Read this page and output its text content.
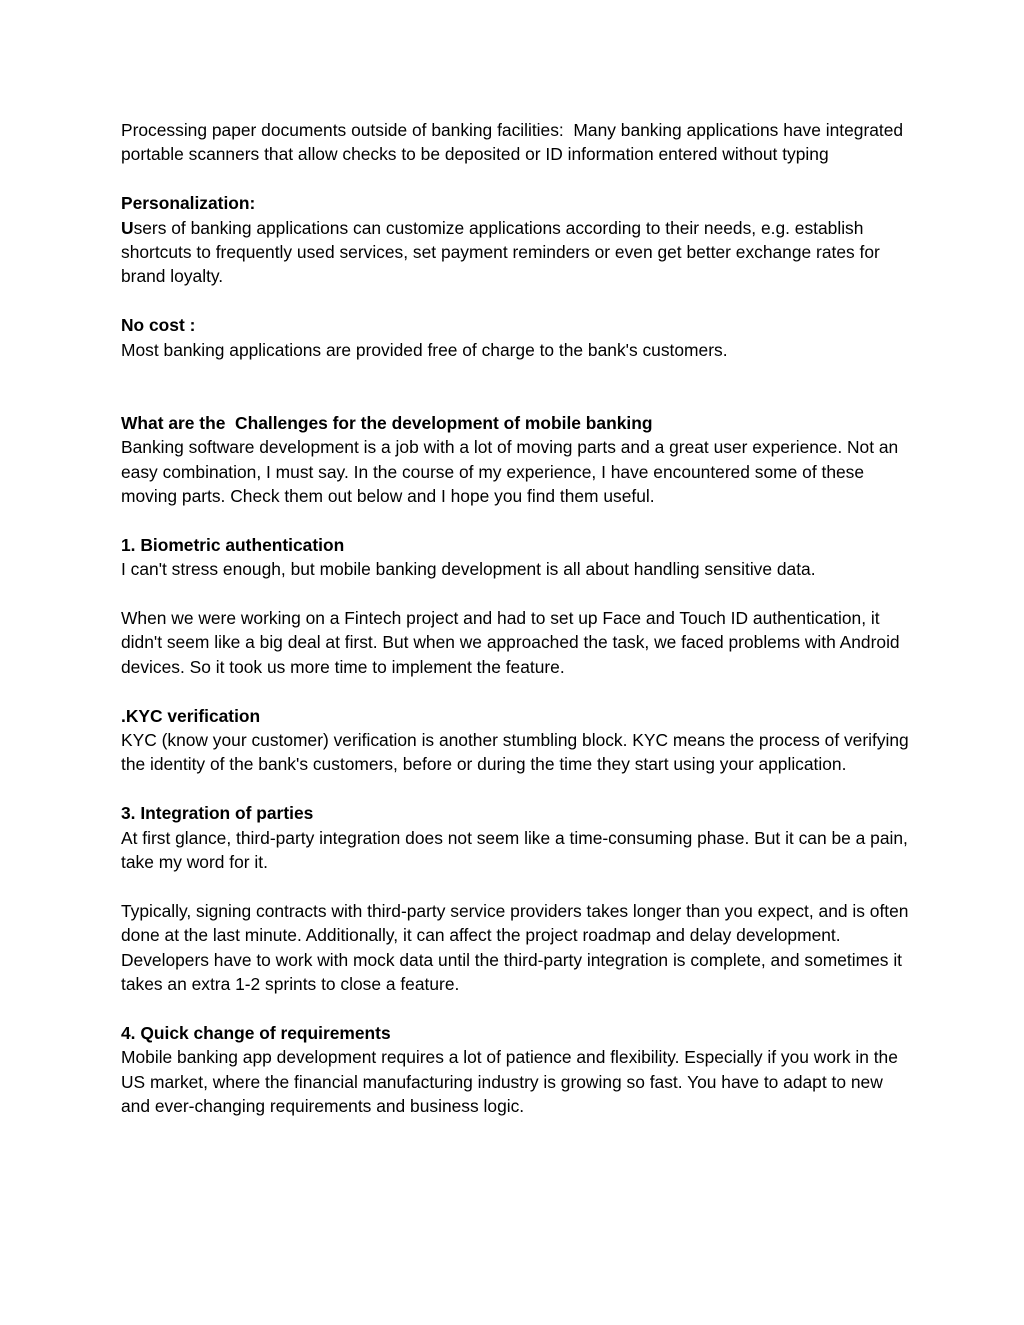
Processing paper documents outside of banking facilities:  Many banking applications have integrated portable scanners that allow checks to be deposited or ID information entered without typing

Personalization:

Users of banking applications can customize applications according to their needs, e.g. establish shortcuts to frequently used services, set payment reminders or even get better exchange rates for brand loyalty.

No cost :

Most banking applications are provided free of charge to the bank's customers.

What are the  Challenges for the development of mobile banking

Banking software development is a job with a lot of moving parts and a great user experience. Not an easy combination, I must say. In the course of my experience, I have encountered some of these moving parts. Check them out below and I hope you find them useful.

1. Biometric authentication

I can't stress enough, but mobile banking development is all about handling sensitive data.

When we were working on a Fintech project and had to set up Face and Touch ID authentication, it didn't seem like a big deal at first. But when we approached the task, we faced problems with Android devices. So it took us more time to implement the feature.

.KYC verification

KYC (know your customer) verification is another stumbling block. KYC means the process of verifying the identity of the bank's customers, before or during the time they start using your application.

3. Integration of parties

At first glance, third-party integration does not seem like a time-consuming phase. But it can be a pain, take my word for it.

Typically, signing contracts with third-party service providers takes longer than you expect, and is often done at the last minute. Additionally, it can affect the project roadmap and delay development. Developers have to work with mock data until the third-party integration is complete, and sometimes it takes an extra 1-2 sprints to close a feature.

4. Quick change of requirements

Mobile banking app development requires a lot of patience and flexibility. Especially if you work in the US market, where the financial manufacturing industry is growing so fast. You have to adapt to new and ever-changing requirements and business logic.
